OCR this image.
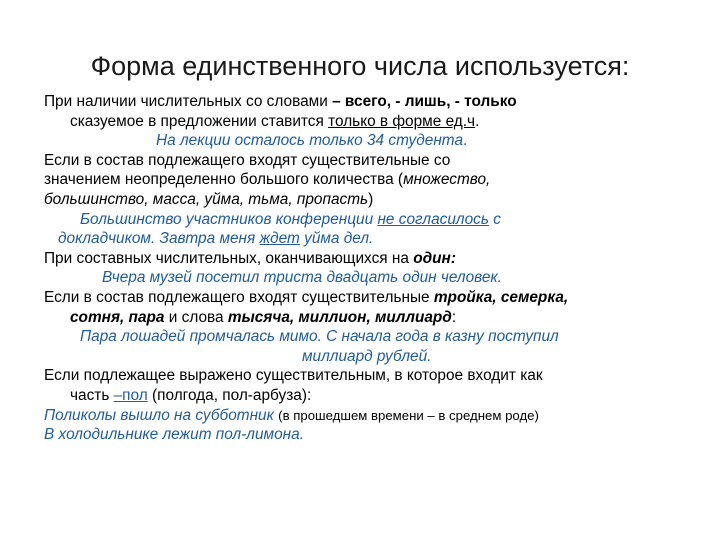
Форма единственного числа используется:
При наличии числительных со словами – всего, - лишь, - только
сказуемое в предложении ставится только в форме ед.ч.
На лекции осталось только 34 студента.
Если в состав подлежащего входят существительные со
значением неопределенно большого количества (множество,
большинство, масса, уйма, тьма, пропасть)
Большинство участников конференции не согласилось с
докладчиком. Завтра меня ждет уйма дел.
При составных числительных, оканчивающихся на один:
Вчера музей посетил триста двадцать один человек.
Если в состав подлежащего входят существительные тройка, семерка,
сотня, пара и слова тысяча, миллион, миллиард:
Пара лошадей промчалась мимо. С начала года в казну поступил
миллиард рублей.
Если подлежащее выражено существительным, в которое входит как
часть –пол (полгода, пол-арбуза):
Поликолы вышло на субботник (в прошедшем времени – в среднем роде)
В холодильнике лежит пол-лимона.
